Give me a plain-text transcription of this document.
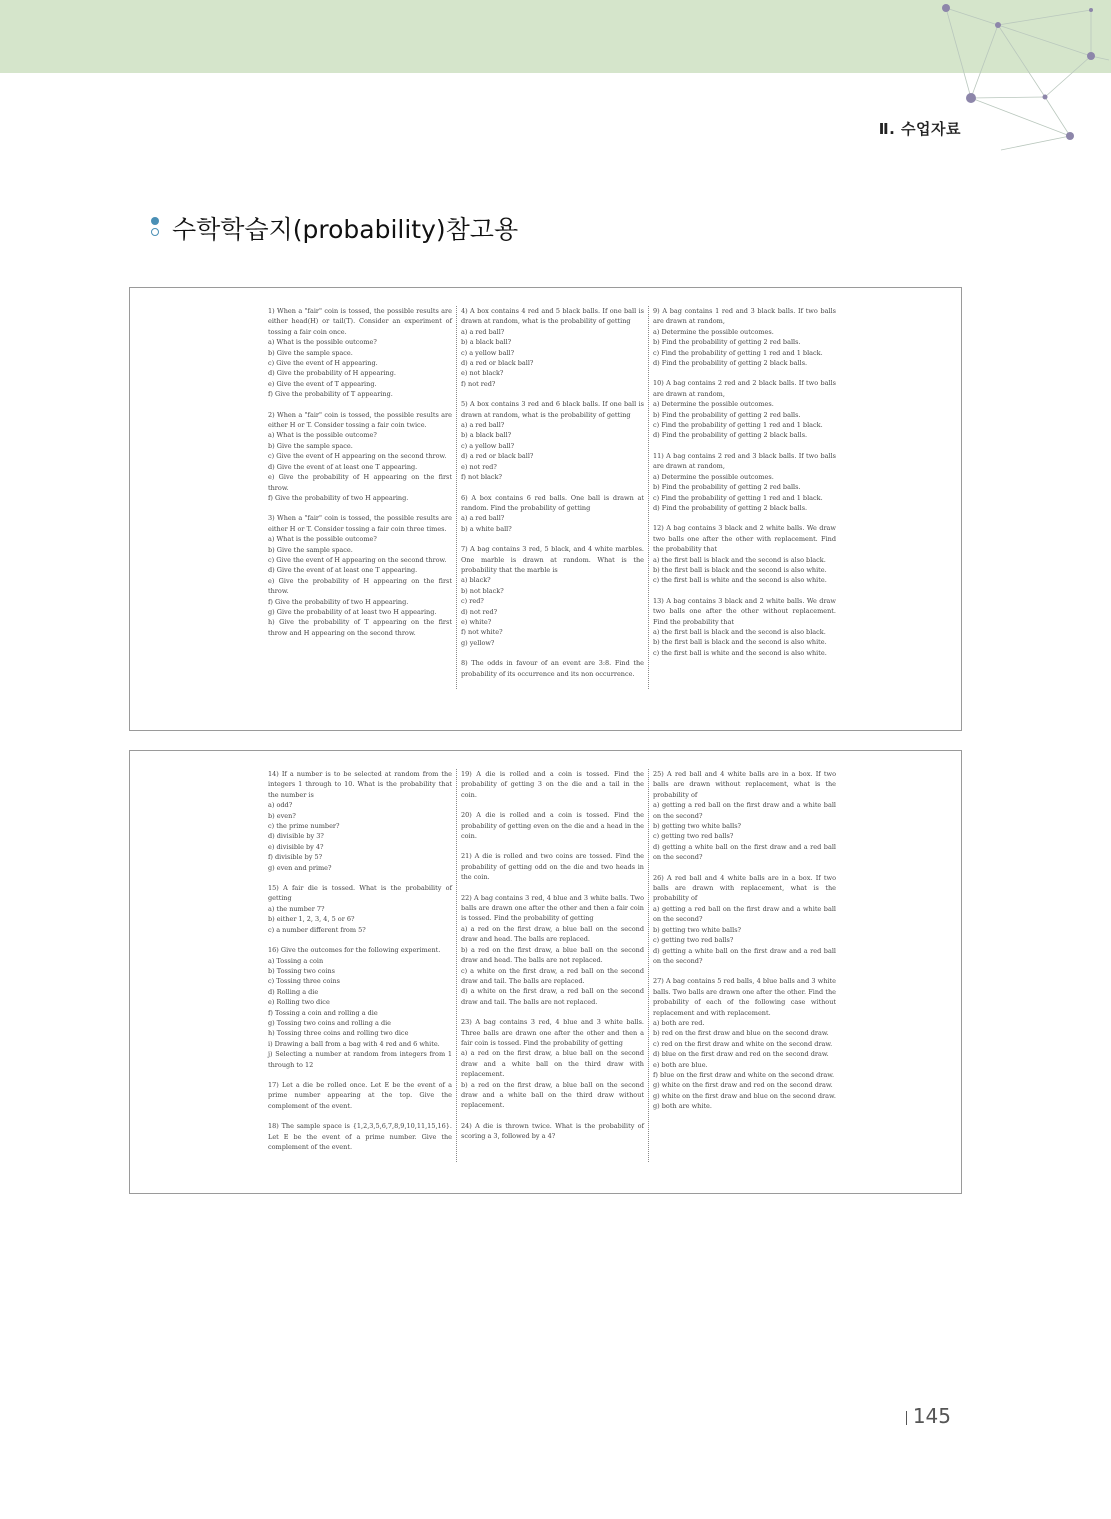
Ⅱ. 수업자료
수학학습지(probability)참고용
1) When a "fair" coin is tossed, the possible results are either head(H) or tail(T). Consider an experiment of tossing a fair coin once.
a) What is the possible outcome?
b) Give the sample space.
c) Give the event of H appearing.
d) Give the probability of H appearing.
e) Give the event of T appearing.
f) Give the probability of T appearing.
2) When a "fair" coin is tossed, the possible results are either H or T. Consider tossing a fair coin twice.
a) What is the possible outcome?
b) Give the sample space.
c) Give the event of H appearing on the second throw.
d) Give the event of at least one T appearing.
e) Give the probability of H appearing on the first throw.
f) Give the probability of two H appearing.
3) When a "fair" coin is tossed, the possible results are either H or T. Consider tossing a fair coin three times.
a) What is the possible outcome?
b) Give the sample space.
c) Give the event of H appearing on the second throw.
d) Give the event of at least one T appearing.
e) Give the probability of H appearing on the first throw.
f) Give the probability of two H appearing.
g) Give the probability of at least two H appearing.
h) Give the probability of T appearing on the first throw and H appearing on the second throw.
4) A box contains 4 red and 5 black balls. If one ball is drawn at random, what is the probability of getting
a) a red ball?
b) a black ball?
c) a yellow ball?
d) a red or black ball?
e) not black?
f) not red?
5) A box contains 3 red and 6 black balls. If one ball is drawn at random, what is the probability of getting
a) a red ball?
b) a black ball?
c) a yellow ball?
d) a red or black ball?
e) not red?
f) not black?
6) A box contains 6 red balls. One ball is drawn at random. Find the probability of getting
a) a red ball?
b) a white ball?
7) A bag contains 3 red, 5 black, and 4 white marbles. One marble is drawn at random. What is the probability that the marble is
a) black?
b) not black?
c) red?
d) not red?
e) white?
f) not white?
g) yellow?
8) The odds in favour of an event are 3:8. Find the probability of its occurrence and its non occurrence.
9) A bag contains 1 red and 3 black balls. If two balls are drawn at random,
a) Determine the possible outcomes.
b) Find the probability of getting 2 red balls.
c) Find the probability of getting 1 red and 1 black.
d) Find the probability of getting 2 black balls.
10) A bag contains 2 red and 2 black balls. If two balls are drawn at random,
a) Determine the possible outcomes.
b) Find the probability of getting 2 red balls.
c) Find the probability of getting 1 red and 1 black.
d) Find the probability of getting 2 black balls.
11) A bag contains 2 red and 3 black balls. If two balls are drawn at random,
a) Determine the possible outcomes.
b) Find the probability of getting 2 red balls.
c) Find the probability of getting 1 red and 1 black.
d) Find the probability of getting 2 black balls.
12) A bag contains 3 black and 2 white balls. We draw two balls one after the other with replacement. Find the probability that
a) the first ball is black and the second is also black.
b) the first ball is black and the second is also white.
c) the first ball is white and the second is also white.
13) A bag contains 3 black and 2 white balls. We draw two balls one after the other without replacement. Find the probability that
a) the first ball is black and the second is also black.
b) the first ball is black and the second is also white.
c) the first ball is white and the second is also white.
14) If a number is to be selected at random from the integers 1 through to 10. What is the probability that the number is
a) odd?
b) even?
c) the prime number?
d) divisible by 3?
e) divisible by 4?
f) divisible by 5?
g) even and prime?
15) A fair die is tossed. What is the probability of getting
a) the number 7?
b) either 1, 2, 3, 4, 5 or 6?
c) a number different from 5?
16) Give the outcomes for the following experiment.
a) Tossing a coin
b) Tossing two coins
c) Tossing three coins
d) Rolling a die
e) Rolling two dice
f) Tossing a coin and rolling a die
g) Tossing two coins and rolling a die
h) Tossing three coins and rolling two dice
i) Drawing a ball from a bag with 4 red and 6 white.
j) Selecting a number at random from integers from 1 through to 12
17) Let a die be rolled once. Let E be the event of a prime number appearing at the top. Give the complement of the event.
18) The sample space is {1,2,3,5,6,7,8,9,10,11,15,16}. Let E be the event of a prime number. Give the complement of the event.
19) A die is rolled and a coin is tossed. Find the probability of getting 3 on the die and a tail in the coin.
20) A die is rolled and a coin is tossed. Find the probability of getting even on the die and a head in the coin.
21) A die is rolled and two coins are tossed. Find the probability of getting odd on the die and two heads in the coin.
22) A bag contains 3 red, 4 blue and 3 white balls. Two balls are drawn one after the other and then a fair coin is tossed. Find the probability of getting
a) a red on the first draw, a blue ball on the second draw and head. The balls are replaced.
b) a red on the first draw, a blue ball on the second draw and head. The balls are not replaced.
c) a white on the first draw, a red ball on the second draw and tail. The balls are replaced.
d) a white on the first draw, a red ball on the second draw and tail. The balls are not replaced.
23) A bag contains 3 red, 4 blue and 3 white balls. Three balls are drawn one after the other and then a fair coin is tossed. Find the probability of getting
a) a red on the first draw, a blue ball on the second draw and a white ball on the third draw with replacement.
b) a red on the first draw, a blue ball on the second draw and a white ball on the third draw without replacement.
24) A die is thrown twice. What is the probability of scoring a 3, followed by a 4?
25) A red ball and 4 white balls are in a box. If two balls are drawn without replacement, what is the probability of
a) getting a red ball on the first draw and a white ball on the second?
b) getting two white balls?
c) getting two red balls?
d) getting a white ball on the first draw and a red ball on the second?
26) A red ball and 4 white balls are in a box. If two balls are drawn with replacement, what is the probability of
a) getting a red ball on the first draw and a white ball on the second?
b) getting two white balls?
c) getting two red balls?
d) getting a white ball on the first draw and a red ball on the second?
27) A bag contains 5 red balls, 4 blue balls and 3 white balls. Two balls are drawn one after the other. Find the probability of each of the following case without replacement and with replacement.
a) both are red.
b) red on the first draw and blue on the second draw.
c) red on the first draw and white on the second draw.
d) blue on the first draw and red on the second draw.
e) both are blue.
f) blue on the first draw and white on the second draw.
g) white on the first draw and red on the second draw.
g) white on the first draw and blue on the second draw.
g) both are white.
145
